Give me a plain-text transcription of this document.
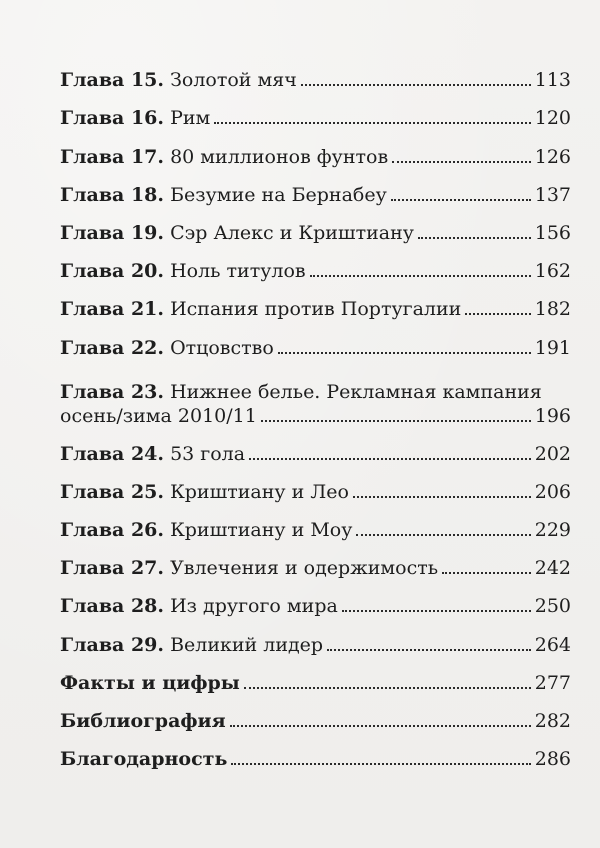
Глава 15. Золотой мяч	113
Глава 16. Рим	120
Глава 17. 80 миллионов фунтов	126
Глава 18. Безумие на Бернабеу	137
Глава 19. Сэр Алекс и Криштиану	156
Глава 20. Ноль титулов	162
Глава 21. Испания против Португалии	182
Глава 22. Отцовство	191
Глава 23. Нижнее белье. Рекламная кампания
осень/зима 2010/11	196
Глава 24. 53 гола	202
Глава 25. Криштиану и Лео	206
Глава 26. Криштиану и Моу	229
Глава 27. Увлечения и одержимость	242
Глава 28. Из другого мира	250
Глава 29. Великий лидер	264
Факты и цифры	277
Библиография	282
Благодарность	286
